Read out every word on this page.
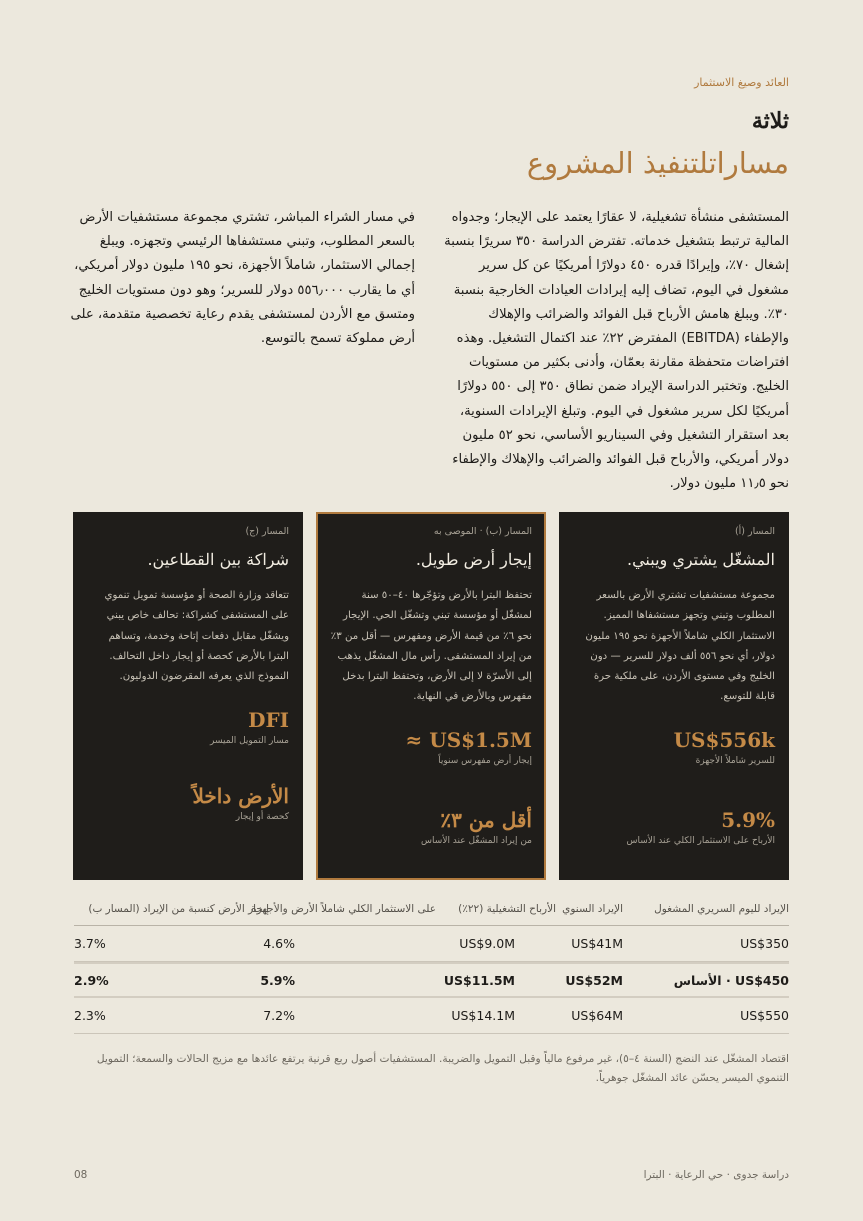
العائد وصيغ الاستثمار
ثلاثة
مساراتلتنفيذ المشروع

المستشفى منشأة تشغيلية، لا عقارًا يعتمد على الإيجار؛ وجدواه المالية ترتبط بتشغيل خدماته. تفترض الدراسة ٣٥٠ سريرًا بنسبة إشغال ٧٠٪، وإيرادًا قدره ٤٥٠ دولارًا أمريكيًا عن كل سرير مشغول في اليوم، تضاف إليه إيرادات العيادات الخارجية بنسبة ٣٠٪. ويبلغ هامش الأرباح قبل الفوائد والضرائب والإهلاك والإطفاء (EBITDA) المفترض ٢٢٪ عند اكتمال التشغيل. وهذه افتراضات متحفظة مقارنة بعمّان، وأدنى بكثير من مستويات الخليج. وتختبر الدراسة الإيراد ضمن نطاق ٣٥٠ إلى ٥٥٠ دولارًا أمريكيًا لكل سرير مشغول في اليوم. وتبلغ الإيرادات السنوية، بعد استقرار التشغيل وفي السيناريو الأساسي، نحو ٥٢ مليون دولار أمريكي، والأرباح قبل الفوائد والضرائب والإهلاك والإطفاء نحو ١١٫٥ مليون دولار.

في مسار الشراء المباشر، تشتري مجموعة مستشفيات الأرض بالسعر المطلوب، وتبني مستشفاها الرئيسي وتجهزه. ويبلغ إجمالي الاستثمار، شاملاً الأجهزة، نحو ١٩٥ مليون دولار أمريكي، أي ما يقارب ٥٥٦٫٠٠٠ دولار للسرير؛ وهو دون مستويات الخليج ومتسق مع الأردن لمستشفى يقدم رعاية تخصصية متقدمة، على أرض مملوكة تسمح بالتوسع.

المسار (أ)
المشغّل يشتري ويبني.
مجموعة مستشفيات تشتري الأرض بالسعر المطلوب وتبني وتجهز مستشفاها المميز. الاستثمار الكلي شاملاً الأجهزة نحو ١٩٥ مليون دولار، أي نحو ٥٥٦ ألف دولار للسرير — دون الخليج وفي مستوى الأردن، على ملكية حرة قابلة للتوسع.
US$556k
للسرير شاملاً الأجهزة
5.9%
الأرباح على الاستثمار الكلي عند الأساس
المسار (ب) · الموصى به
إيجار أرض طويل.
تحتفظ البترا بالأرض وتؤجّرها ٤٠–٥٠ سنة لمشغّل أو مؤسسة تبني وتشغّل الحي. الإيجار نحو ٦٪ من قيمة الأرض ومفهرس — أقل من ٣٪ من إيراد المستشفى. رأس مال المشغّل يذهب إلى الأسرّة لا إلى الأرض، وتحتفظ البترا بدخل مفهرس وبالأرض في النهاية.
≈ US$1.5M
إيجار أرض مفهرس سنوياً
أقل من ٣٪
من إيراد المشغّل عند الأساس
المسار (ج)
شراكة بين القطاعين.
تتعاقد وزارة الصحة أو مؤسسة تمويل تنموي على المستشفى كشراكة: تحالف خاص يبني ويشغّل مقابل دفعات إتاحة وخدمة، وتساهم البترا بالأرض كحصة أو إيجار داخل التحالف. النموذج الذي يعرفه المقرضون الدوليون.
DFI
مسار التمويل الميسر
الأرض داخلاً
كحصة أو إيجار
الإيراد لليوم السريري المشغول
الإيراد السنوي
الأرباح التشغيلية (٢٢٪)
على الاستثمار الكلي شاملاً الأرض والأجهزة
إيجار الأرض كنسبة من الإيراد (المسار ب)
US$350
US$41M
US$9.0M
4.6%
3.7%
US$450 · الأساس
US$52M
US$11.5M
5.9%
2.9%
US$550
US$64M
US$14.1M
7.2%
2.3%

اقتصاد المشغّل عند النضج (السنة ٤–٥)، غير مرفوع مالياً وقبل التمويل والضريبة. المستشفيات أصول ربع قرنية يرتفع عائدها مع مزيج الحالات والسمعة؛ التمويل التنموي الميسر يحسّن عائد المشغّل جوهرياً.

دراسة جدوى · حي الرعاية · البترا
08
